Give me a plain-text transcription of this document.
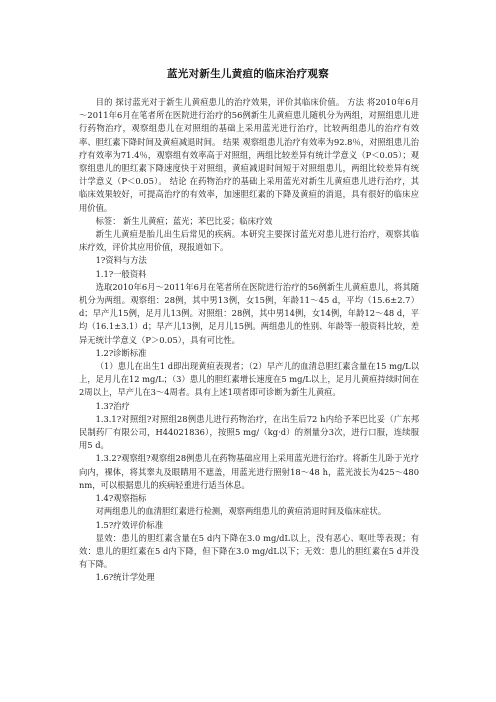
蓝光对新生儿黄疸的临床治疗观察

目的 探讨蓝光对于新生儿黄疸患儿的治疗效果，评价其临床价值。 方法 将2010年6月～2011年6月在笔者所在医院进行治疗的56例新生儿黄疸患儿随机分为两组，对照组患儿进行药物治疗，观察组患儿在对照组的基础上采用蓝光进行治疗，比较两组患儿的治疗有效率、胆红素下降时间及黄疸减退时间。 结果 观察组患儿治疗有效率为92.8％，对照组患儿治疗有效率为71.4％，观察组有效率高于对照组，两组比较差异有统计学意义（P＜0.05）；观察组患儿的胆红素下降速度快于对照组，黄疸减退时间短于对照组患儿，两组比较差异有统计学意义（P＜0.05）。 结论 在药物治疗的基础上采用蓝光对新生儿黄疸患儿进行治疗，其临床效果较好，可提高治疗的有效率，加速胆红素的下降及黄疸的消退，具有很好的临床应用价值。

标签： 新生儿黄疸；蓝光；苯巴比妥；临床疗效

新生儿黄疸是胎儿出生后常见的疾病。本研究主要探讨蓝光对患儿进行治疗，观察其临床疗效，评价其应用价值，现报道如下。

1?资料与方法

1.1?一般资料

选取2010年6月～2011年6月在笔者所在医院进行治疗的56例新生儿黄疸患儿，将其随机分为两组。观察组：28例，其中男13例，女15例，年龄11～45 d，平均（15.6±2.7）d；早产儿15例，足月儿13例。对照组：28例，其中男14例，女14例，年龄12～48 d，平均（16.1±3.1）d；早产儿13例，足月儿15例。两组患儿的性别、年龄等一般资料比较，差异无统计学意义（P＞0.05），具有可比性。

1.2?诊断标准

（1）患儿在出生1 d即出现黄疸表现者；（2）早产儿的血清总胆红素含量在15 mg/L以上，足月儿在12 mg/L；（3）患儿的胆红素增长速度在5 mg/L以上，足月儿黄疸持续时间在2周以上，早产儿在3～4周者。具有上述1项者即可诊断为新生儿黄疸。

1.3?治疗

1.3.1?对照组?对照组28例患儿进行药物治疗，在出生后72 h内给予苯巴比妥（广东邦民制药厂有限公司，H44021836），按照5 mg/（kg·d）的剂量分3次，进行口服，连续服用5 d。

1.3.2?观察组?观察组28例患儿在药物基础应用上采用蓝光进行治疗。将新生儿卧于光疗向内，裸体，将其睾丸及眼睛用不遮盖，用蓝光进行照射18～48 h，蓝光波长为425～480 nm，可以根据患儿的疾病轻重进行适当休息。

1.4?观察指标

对两组患儿的血清胆红素进行检测，观察两组患儿的黄疸消退时间及临床症状。

1.5?疗效评价标准

显效：患儿的胆红素含量在5 d内下降在3.0 mg/dL以上，没有恶心、呕吐等表现；有效：患儿的胆红素在5 d内下降，但下降在3.0 mg/dL以下；无效：患儿的胆红素在5 d并没有下降。

1.6?统计学处理
